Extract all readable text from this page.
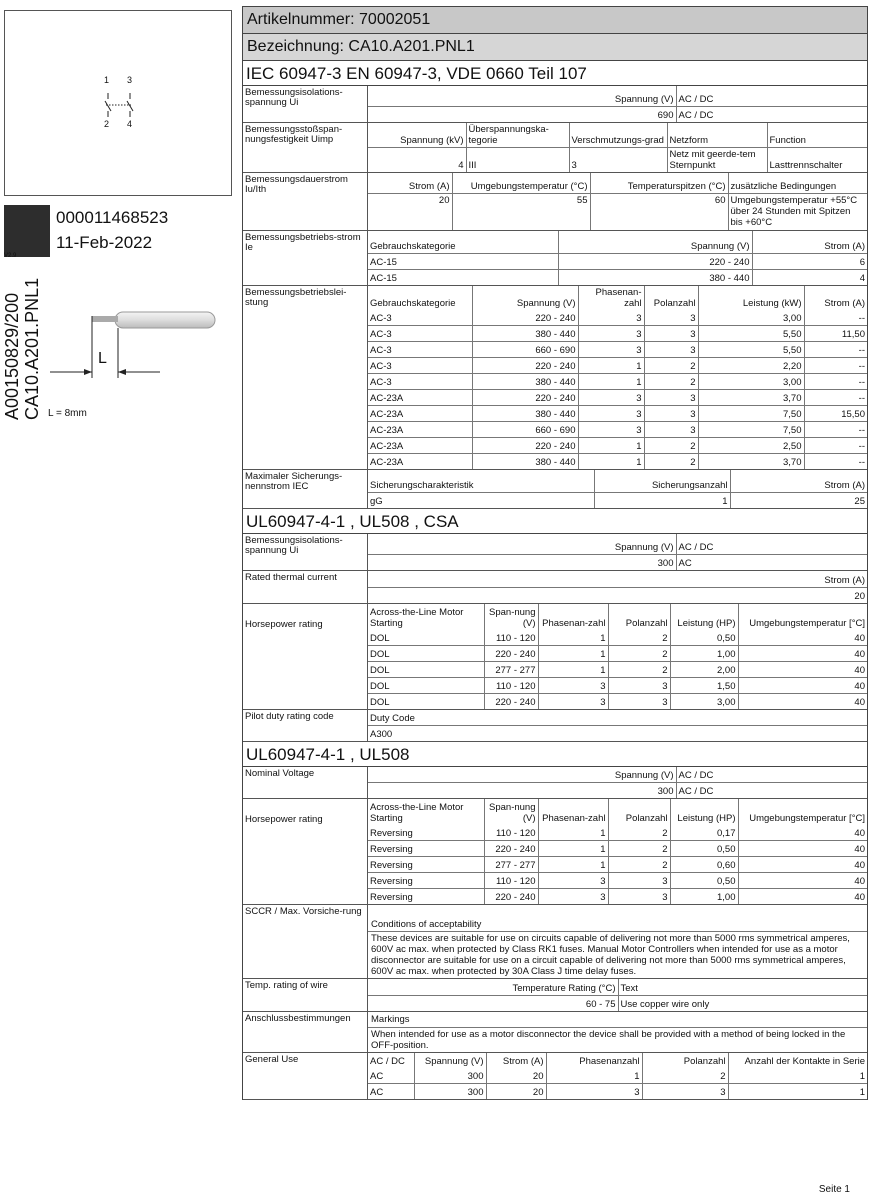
1
2
3
4
000011468523
11-Feb-2022
V2.9
A00150829/200 CA10.A201.PNL1	L
L = 8mm
Artikelnummer: 70002051
Bezeichnung: CA10.A201.PNL1
IEC 60947-3 EN 60947-3, VDE 0660 Teil 107
Bemessungsisolations-spannung Ui	Spannung (V)	AC / DC
690	AC / DC
Bemessungsstoßspan-nungsfestigkeit Uimp	Spannung (kV)	Überspannungska-tegorie	Verschmutzungs-grad	Netzform	Function
4	III	3	Netz mit geerde-tem Sternpunkt	Lasttrennschalter
Bemessungsdauerstrom Iu/Ith	Strom (A)	Umgebungstemperatur (°C)	Temperaturspitzen (°C)	zusätzliche Bedingungen
20	55	60	Umgebungstemperatur +55°C über 24 Stunden mit Spitzen bis +60°C
Bemessungsbetriebs-strom Ie	Gebrauchskategorie	Spannung (V)	Strom (A)
AC-15	220 - 240	6
AC-15	380 - 440	4
Bemessungsbetriebslei-stung	Gebrauchskategorie	Spannung (V)	Phasenan-zahl	Polanzahl	Leistung (kW)	Strom (A)
AC-3	220 - 240	3	3	3,00	--
AC-3	380 - 440	3	3	5,50	11,50
AC-3	660 - 690	3	3	5,50	--
AC-3	220 - 240	1	2	2,20	--
AC-3	380 - 440	1	2	3,00	--
AC-23A	220 - 240	3	3	3,70	--
AC-23A	380 - 440	3	3	7,50	15,50
AC-23A	660 - 690	3	3	7,50	--
AC-23A	220 - 240	1	2	2,50	--
AC-23A	380 - 440	1	2	3,70	--
Maximaler Sicherungs-nennstrom IEC	Sicherungscharakteristik	Sicherungsanzahl	Strom (A)
gG	1	25
UL60947-4-1 , UL508 , CSA
Bemessungsisolations-spannung Ui	Spannung (V)	AC / DC
300	AC
Rated thermal current	Strom (A)
20
Horsepower rating
Across-the-Line Motor Starting	Span-nung (V)	Phasenan-zahl	Polanzahl	Leistung (HP)	Umgebungstemperatur [°C]
DOL	110 - 120	1	2	0,50	40
DOL	220 - 240	1	2	1,00	40
DOL	277 - 277	1	2	2,00	40
DOL	110 - 120	3	3	1,50	40
DOL	220 - 240	3	3	3,00	40
Pilot duty rating code	Duty Code
A300
UL60947-4-1 , UL508
Nominal Voltage	Spannung (V)	AC / DC
300	AC / DC
Horsepower rating
Across-the-Line Motor Starting	Span-nung (V)	Phasenan-zahl	Polanzahl	Leistung (HP)	Umgebungstemperatur [°C]
Reversing	110 - 120	1	2	0,17	40
Reversing	220 - 240	1	2	0,50	40
Reversing	277 - 277	1	2	0,60	40
Reversing	110 - 120	3	3	0,50	40
Reversing	220 - 240	3	3	1,00	40
SCCR / Max. Vorsiche-rung
Conditions of acceptability
These devices are suitable for use on circuits capable of delivering not more than 5000 rms symmetrical amperes, 600V ac max. when protected by Class RK1 fuses. Manual Motor Controllers when intended for use as a motor disconnector are suitable for use on a circuit capable of delivering not more than 5000 rms symmetrical amperes, 600V ac max. when protected by 30A Class J time delay fuses.
Temp. rating of wire	Temperature Rating (°C)	Text
60 - 75	Use copper wire only
Anschlussbestimmungen	Markings
When intended for use as a motor disconnector the device shall be provided with a method of being locked in the OFF-position.
General Use	AC / DC	Spannung (V)	Strom (A)	Phasenanzahl	Polanzahl	Anzahl der Kontakte in Serie
AC	300	20	1	2	1
AC	300	20	3	3	1
Seite 1
